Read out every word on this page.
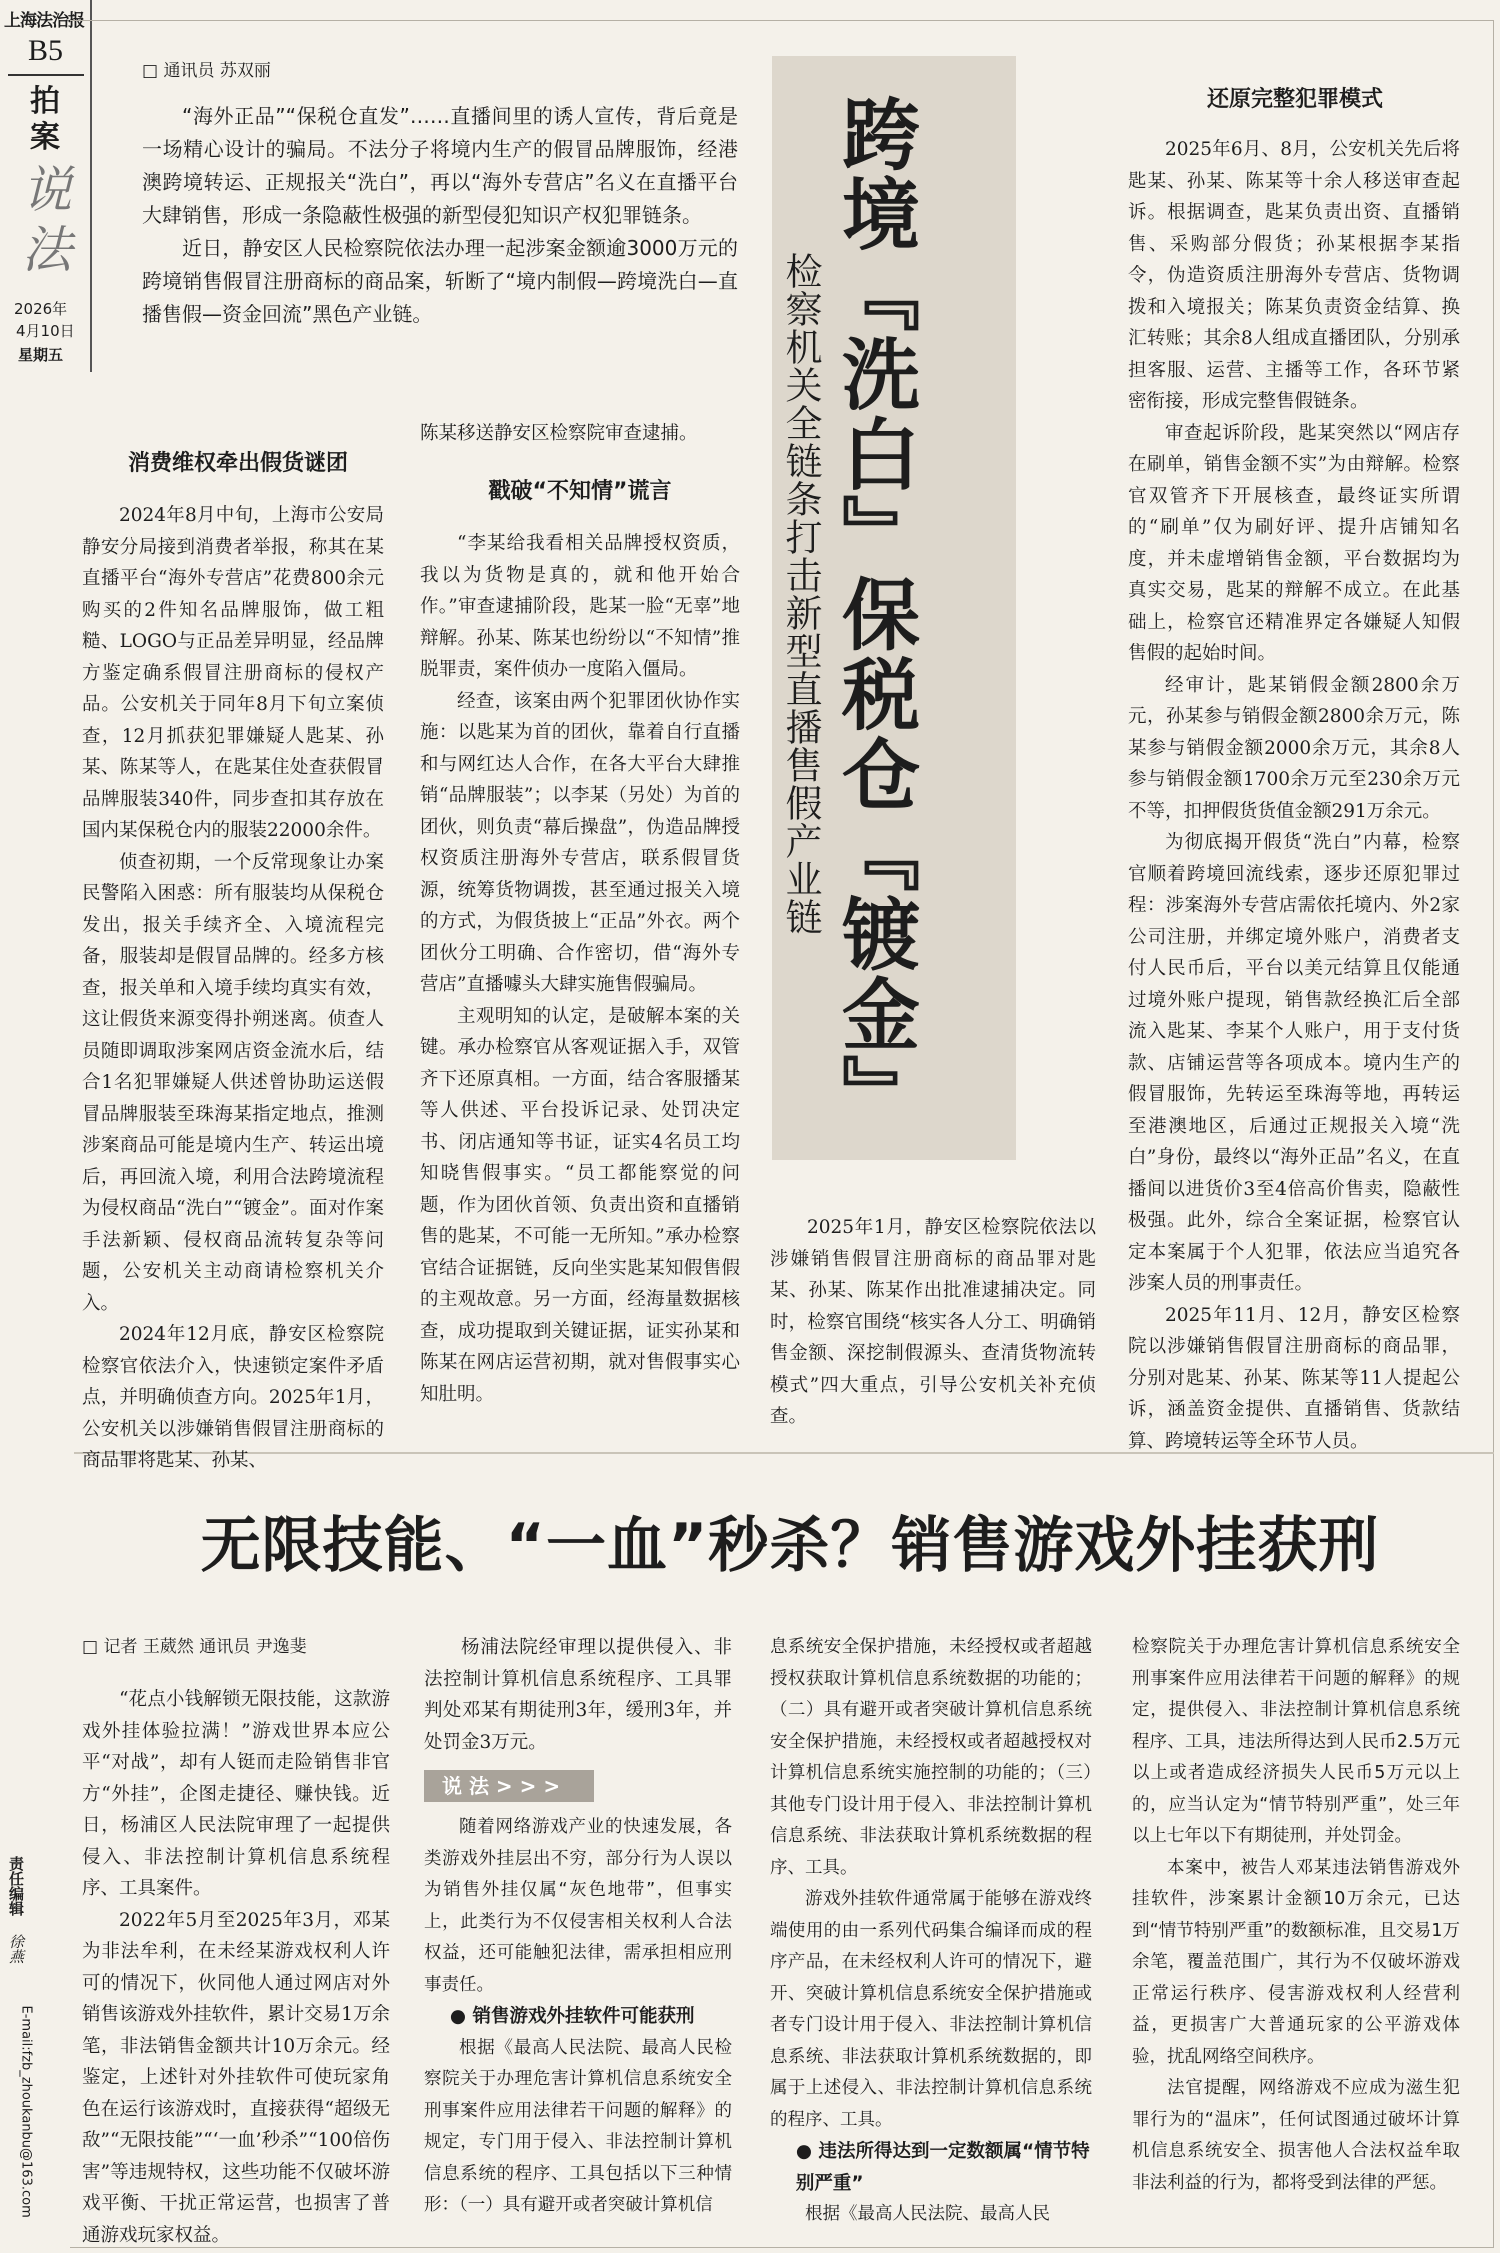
上海法治报
B5
拍
案
说
法
2026年
4月10日
星期五
责任编辑 徐燕
E-mail:fzb_zhoukanbu@163.com
□ 通讯员 苏双丽

“海外正品”“保税仓直发”……直播间里的诱人宣传，背后竟是一场精心设计的骗局。不法分子将境内生产的假冒品牌服饰，经港澳跨境转运、正规报关“洗白”，再以“海外专营店”名义在直播平台大肆销售，形成一条隐蔽性极强的新型侵犯知识产权犯罪链条。

近日，静安区人民检察院依法办理一起涉案金额逾3000万元的跨境销售假冒注册商标的商品案，斩断了“境内制假—跨境洗白—直播售假—资金回流”黑色产业链。	跨境『洗白』保税仓『镀金』
检察机关全链条打击新型直播售假产业链
消费维权牵出假货谜团

2024年8月中旬，上海市公安局静安分局接到消费者举报，称其在某直播平台“海外专营店”花费800余元购买的2件知名品牌服饰，做工粗糙、LOGO与正品差异明显，经品牌方鉴定确系假冒注册商标的侵权产品。公安机关于同年8月下旬立案侦查，12月抓获犯罪嫌疑人匙某、孙某、陈某等人，在匙某住处查获假冒品牌服装340件，同步查扣其存放在国内某保税仓内的服装22000余件。

侦查初期，一个反常现象让办案民警陷入困惑：所有服装均从保税仓发出，报关手续齐全、入境流程完备，服装却是假冒品牌的。经多方核查，报关单和入境手续均真实有效，这让假货来源变得扑朔迷离。侦查人员随即调取涉案网店资金流水后，结合1名犯罪嫌疑人供述曾协助运送假冒品牌服装至珠海某指定地点，推测涉案商品可能是境内生产、转运出境后，再回流入境，利用合法跨境流程为侵权商品“洗白”“镀金”。面对作案手法新颖、侵权商品流转复杂等问题，公安机关主动商请检察机关介入。

2024年12月底，静安区检察院检察官依法介入，快速锁定案件矛盾点，并明确侦查方向。2025年1月，公安机关以涉嫌销售假冒注册商标的商品罪将匙某、孙某、

陈某移送静安区检察院审查逮捕。

戳破“不知情”谎言

“李某给我看相关品牌授权资质，我以为货物是真的，就和他开始合作。”审查逮捕阶段，匙某一脸“无辜”地辩解。孙某、陈某也纷纷以“不知情”推脱罪责，案件侦办一度陷入僵局。

经查，该案由两个犯罪团伙协作实施：以匙某为首的团伙，靠着自行直播和与网红达人合作，在各大平台大肆推销“品牌服装”；以李某（另处）为首的团伙，则负责“幕后操盘”，伪造品牌授权资质注册海外专营店，联系假冒货源，统筹货物调拨，甚至通过报关入境的方式，为假货披上“正品”外衣。两个团伙分工明确、合作密切，借“海外专营店”直播噱头大肆实施售假骗局。

主观明知的认定，是破解本案的关键。承办检察官从客观证据入手，双管齐下还原真相。一方面，结合客服播某等人供述、平台投诉记录、处罚决定书、闭店通知等书证，证实4名员工均知晓售假事实。“员工都能察觉的问题，作为团伙首领、负责出资和直播销售的匙某，不可能一无所知。”承办检察官结合证据链，反向坐实匙某知假售假的主观故意。另一方面，经海量数据核查，成功提取到关键证据，证实孙某和陈某在网店运营初期，就对售假事实心知肚明。

2025年1月，静安区检察院依法以涉嫌销售假冒注册商标的商品罪对匙某、孙某、陈某作出批准逮捕决定。同时，检察官围绕“核实各人分工、明确销售金额、深挖制假源头、查清货物流转模式”四大重点，引导公安机关补充侦查。

还原完整犯罪模式

2025年6月、8月，公安机关先后将匙某、孙某、陈某等十余人移送审查起诉。根据调查，匙某负责出资、直播销售、采购部分假货；孙某根据李某指令，伪造资质注册海外专营店、货物调拨和入境报关；陈某负责资金结算、换汇转账；其余8人组成直播团队，分别承担客服、运营、主播等工作，各环节紧密衔接，形成完整售假链条。

审查起诉阶段，匙某突然以“网店存在刷单，销售金额不实”为由辩解。检察官双管齐下开展核查，最终证实所谓的“刷单”仅为刷好评、提升店铺知名度，并未虚增销售金额，平台数据均为真实交易，匙某的辩解不成立。在此基础上，检察官还精准界定各嫌疑人知假售假的起始时间。

经审计，匙某销假金额2800余万元，孙某参与销假金额2800余万元，陈某参与销假金额2000余万元，其余8人参与销假金额1700余万元至230余万元不等，扣押假货货值金额291万余元。

为彻底揭开假货“洗白”内幕，检察官顺着跨境回流线索，逐步还原犯罪过程：涉案海外专营店需依托境内、外2家公司注册，并绑定境外账户，消费者支付人民币后，平台以美元结算且仅能通过境外账户提现，销售款经换汇后全部流入匙某、李某个人账户，用于支付货款、店铺运营等各项成本。境内生产的假冒服饰，先转运至珠海等地，再转运至港澳地区，后通过正规报关入境“洗白”身份，最终以“海外正品”名义，在直播间以进货价3至4倍高价售卖，隐蔽性极强。此外，综合全案证据，检察官认定本案属于个人犯罪，依法应当追究各涉案人员的刑事责任。

2025年11月、12月，静安区检察院以涉嫌销售假冒注册商标的商品罪，分别对匙某、孙某、陈某等11人提起公诉，涵盖资金提供、直播销售、货款结算、跨境转运等全环节人员。

无限技能、“一血”秒杀？销售游戏外挂获刑
□ 记者 王葳然 通讯员 尹逸斐

“花点小钱解锁无限技能，这款游戏外挂体验拉满！”游戏世界本应公平“对战”，却有人铤而走险销售非官方“外挂”，企图走捷径、赚快钱。近日，杨浦区人民法院审理了一起提供侵入、非法控制计算机信息系统程序、工具案件。

2022年5月至2025年3月，邓某为非法牟利，在未经某游戏权利人许可的情况下，伙同他人通过网店对外销售该游戏外挂软件，累计交易1万余笔，非法销售金额共计10万余元。经鉴定，上述针对外挂软件可使玩家角色在运行该游戏时，直接获得“超级无敌”“无限技能”“‘一血’秒杀”“100倍伤害”等违规特权，这些功能不仅破坏游戏平衡、干扰正常运营，也损害了普通游戏玩家权益。

杨浦法院经审理以提供侵入、非法控制计算机信息系统程序、工具罪判处邓某有期徒刑3年，缓刑3年，并处罚金3万元。

说 法 > > >

随着网络游戏产业的快速发展，各类游戏外挂层出不穷，部分行为人误以为销售外挂仅属“灰色地带”，但事实上，此类行为不仅侵害相关权利人合法权益，还可能触犯法律，需承担相应刑事责任。

● 销售游戏外挂软件可能获刑

根据《最高人民法院、最高人民检察院关于办理危害计算机信息系统安全刑事案件应用法律若干问题的解释》的规定，专门用于侵入、非法控制计算机信息系统的程序、工具包括以下三种情形：（一）具有避开或者突破计算机信

息系统安全保护措施，未经授权或者超越授权获取计算机信息系统数据的功能的；（二）具有避开或者突破计算机信息系统安全保护措施，未经授权或者超越授权对计算机信息系统实施控制的功能的；（三）其他专门设计用于侵入、非法控制计算机信息系统、非法获取计算机系统数据的程序、工具。

游戏外挂软件通常属于能够在游戏终端使用的由一系列代码集合编译而成的程序产品，在未经权利人许可的情况下，避开、突破计算机信息系统安全保护措施或者专门设计用于侵入、非法控制计算机信息系统、非法获取计算机系统数据的，即属于上述侵入、非法控制计算机信息系统的程序、工具。

● 违法所得达到一定数额属“情节特别严重”

根据《最高人民法院、最高人民

检察院关于办理危害计算机信息系统安全刑事案件应用法律若干问题的解释》的规定，提供侵入、非法控制计算机信息系统程序、工具，违法所得达到人民币2.5万元以上或者造成经济损失人民币5万元以上的，应当认定为“情节特别严重”，处三年以上七年以下有期徒刑，并处罚金。

本案中，被告人邓某违法销售游戏外挂软件，涉案累计金额10万余元，已达到“情节特别严重”的数额标准，且交易1万余笔，覆盖范围广，其行为不仅破坏游戏正常运行秩序、侵害游戏权利人经营利益，更损害广大普通玩家的公平游戏体验，扰乱网络空间秩序。

法官提醒，网络游戏不应成为滋生犯罪行为的“温床”，任何试图通过破坏计算机信息系统安全、损害他人合法权益牟取非法利益的行为，都将受到法律的严惩。
